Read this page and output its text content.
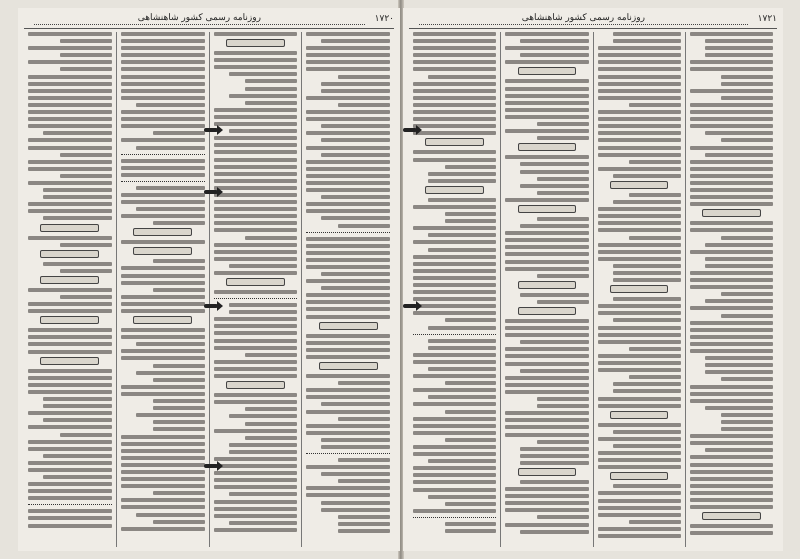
۱۷۲۰
روزنامه رسمی کشور شاهنشاهی	۱۷۲۱
روزنامه رسمی کشور شاهنشاهی
